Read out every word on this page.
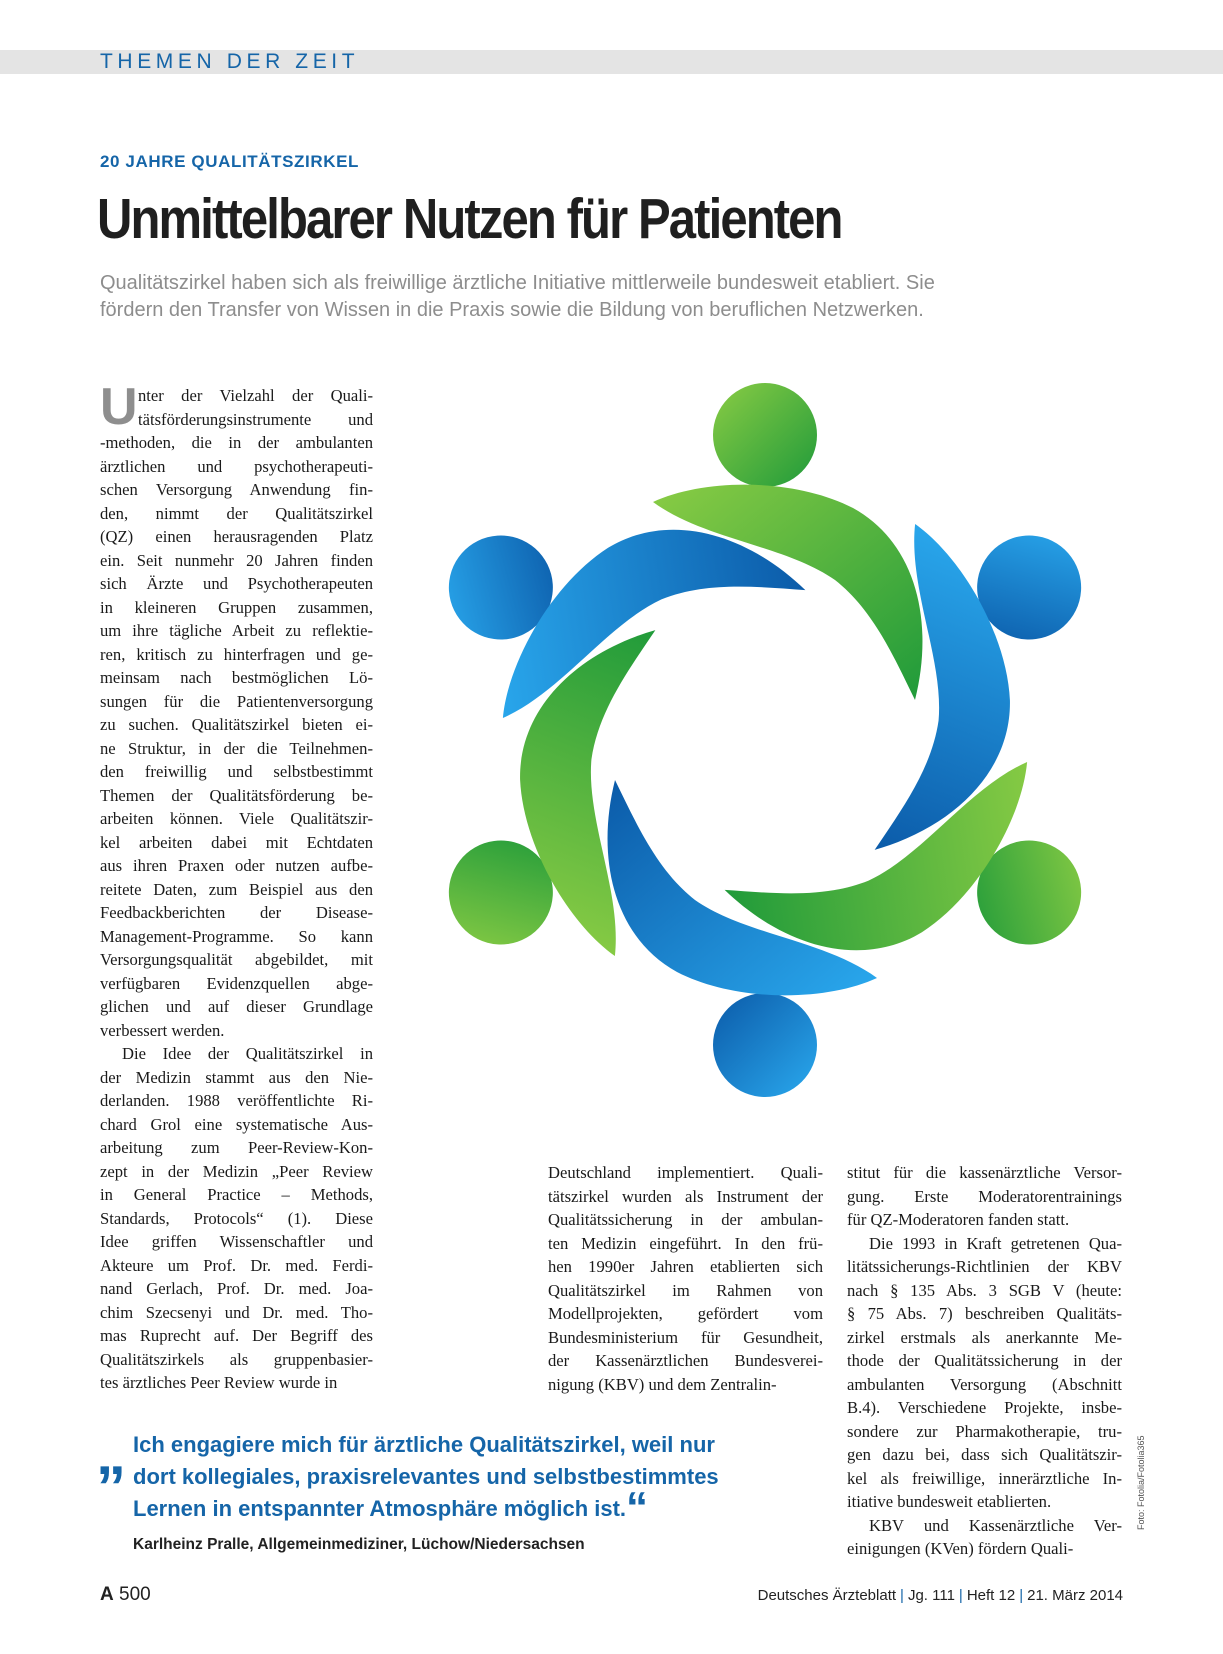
THEMEN DER ZEIT
20 JAHRE QUALITÄTSZIRKEL
Unmittelbarer Nutzen für Patienten
Qualitätszirkel haben sich als freiwillige ärztliche Initiative mittlerweile bundesweit etabliert. Sie
fördern den Transfer von Wissen in die Praxis sowie die Bildung von beruflichen Netzwerken.
U nter der Vielzahl der Quali-
tätsförderungsinstrumente und
-methoden, die in der ambulanten
ärztlichen und psychotherapeuti-
schen Versorgung Anwendung fin-
den, nimmt der Qualitätszirkel
(QZ) einen herausragenden Platz
ein. Seit nunmehr 20 Jahren finden
sich Ärzte und Psychotherapeuten
in kleineren Gruppen zusammen,
um ihre tägliche Arbeit zu reflektie-
ren, kritisch zu hinterfragen und ge-
meinsam nach bestmöglichen Lö-
sungen für die Patientenversorgung
zu suchen. Qualitätszirkel bieten ei-
ne Struktur, in der die Teilnehmen-
den freiwillig und selbstbestimmt
Themen der Qualitätsförderung be-
arbeiten können. Viele Qualitätszir-
kel arbeiten dabei mit Echtdaten
aus ihren Praxen oder nutzen aufbe-
reitete Daten, zum Beispiel aus den
Feedbackberichten der Disease-
Management-Programme. So kann
Versorgungsqualität abgebildet, mit
verfügbaren Evidenzquellen abge-
glichen und auf dieser Grundlage
verbessert werden.
Die Idee der Qualitätszirkel in
der Medizin stammt aus den Nie-
derlanden. 1988 veröffentlichte Ri-
chard Grol eine systematische Aus-
arbeitung zum Peer-Review-Kon-
zept in der Medizin „Peer Review
in General Practice – Methods,
Standards, Protocols“ (1). Diese
Idee griffen Wissenschaftler und
Akteure um Prof. Dr. med. Ferdi-
nand Gerlach, Prof. Dr. med. Joa-
chim Szecsenyi und Dr. med. Tho-
mas Ruprecht auf. Der Begriff des
Qualitätszirkels als gruppenbasier-
tes ärztliches Peer Review wurde in
Deutschland implementiert. Quali-
tätszirkel wurden als Instrument der
Qualitätssicherung in der ambulan-
ten Medizin eingeführt. In den frü-
hen 1990er Jahren etablierten sich
Qualitätszirkel im Rahmen von
Modellprojekten, gefördert vom
Bundesministerium für Gesundheit,
der Kassenärztlichen Bundesverei-
nigung (KBV) und dem Zentralin-
stitut für die kassenärztliche Versor-
gung. Erste Moderatorentrainings
für QZ-Moderatoren fanden statt.
Die 1993 in Kraft getretenen Qua-
litätssicherungs-Richtlinien der KBV
nach § 135 Abs. 3 SGB V (heute:
§ 75 Abs. 7) beschreiben Qualitäts-
zirkel erstmals als anerkannte Me-
thode der Qualitätssicherung in der
ambulanten Versorgung (Abschnitt
B.4). Verschiedene Projekte, insbe-
sondere zur Pharmakotherapie, tru-
gen dazu bei, dass sich Qualitätszir-
kel als freiwillige, innerärztliche In-
itiative bundesweit etablierten.
KBV und Kassenärztliche Ver-
einigungen (KVen) fördern Quali-
„ Ich engagiere mich für ärztliche Qualitätszirkel, weil nur
dort kollegiales, praxisrelevantes und selbstbestimmtes
Lernen in entspannter Atmosphäre möglich ist.“
Karlheinz Pralle, Allgemeinmediziner, Lüchow/Niedersachsen
Foto: Fotolia/Fotolia365
A 500	Deutsches Ärzteblatt | Jg. 111 | Heft 12 | 21. März 2014
